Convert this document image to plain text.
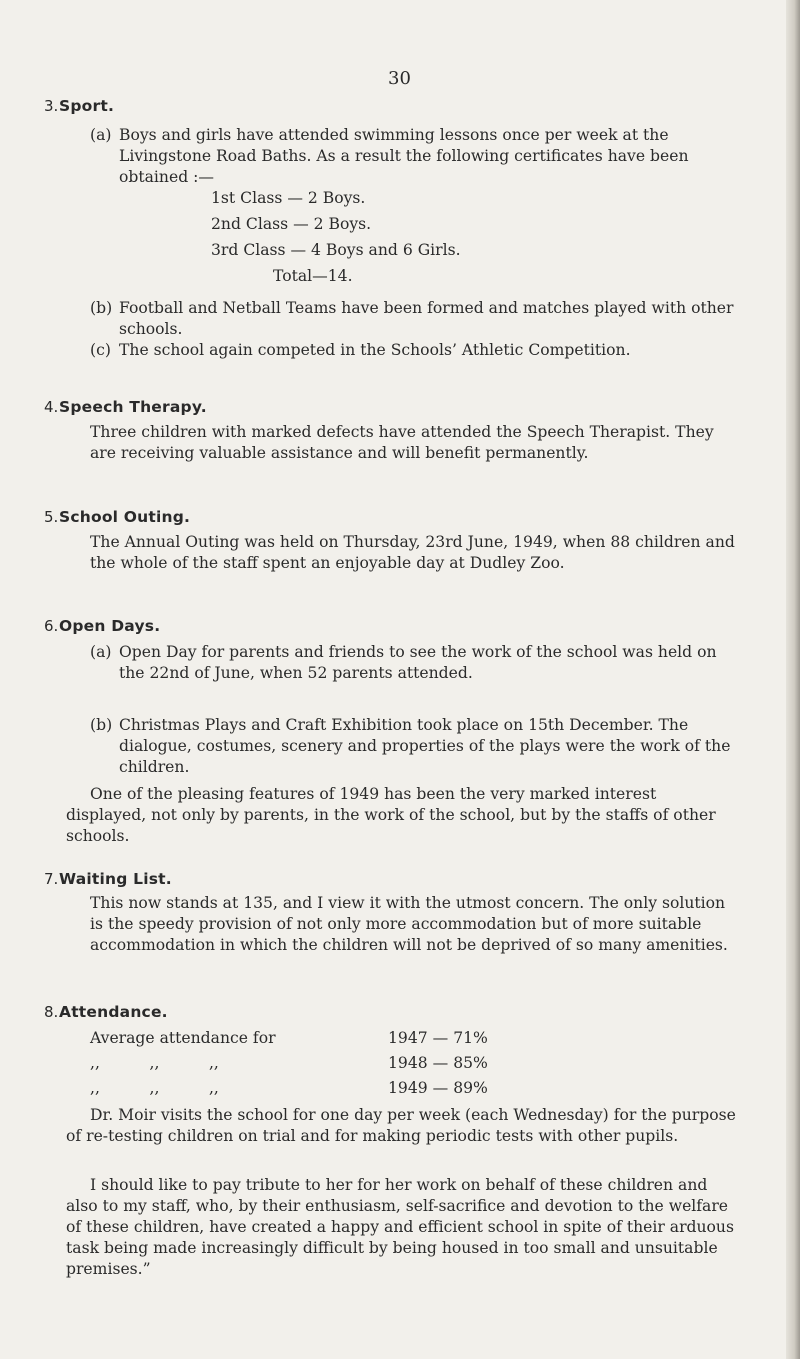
30
3. Sport.
(a) Boys and girls have attended swimming lessons once per week at the Livingstone Road Baths. As a result the following certificates have been obtained :—
1st Class — 2 Boys.
2nd Class — 2 Boys.
3rd Class — 4 Boys and 6 Girls.
Total—14.
(b) Football and Netball Teams have been formed and matches played with other schools.
(c) The school again competed in the Schools’ Athletic Competition.
4. Speech Therapy.
Three children with marked defects have attended the Speech Therapist. They are receiving valuable assistance and will benefit permanently.
5. School Outing.
The Annual Outing was held on Thursday, 23rd June, 1949, when 88 children and the whole of the staff spent an enjoyable day at Dudley Zoo.
6. Open Days.
(a) Open Day for parents and friends to see the work of the school was held on the 22nd of June, when 52 parents attended.
(b) Christmas Plays and Craft Exhibition took place on 15th December. The dialogue, costumes, scenery and properties of the plays were the work of the children.
One of the pleasing features of 1949 has been the very marked interest displayed, not only by parents, in the work of the school, but by the staffs of other schools.
7. Waiting List.
This now stands at 135, and I view it with the utmost concern. The only solution is the speedy provision of not only more accommodation but of more suitable accommodation in which the children will not be deprived of so many amenities.
8. Attendance.
Average attendance for	1947 — 71%
,,          ,,          ,,	1948 — 85%
,,          ,,          ,,	1949 — 89%
Dr. Moir visits the school for one day per week (each Wednesday) for the purpose of re-testing children on trial and for making periodic tests with other pupils.
I should like to pay tribute to her for her work on behalf of these children and also to my staff, who, by their enthusiasm, self-sacrifice and devotion to the welfare of these children, have created a happy and efficient school in spite of their arduous task being made increasingly difficult by being housed in too small and unsuitable premises.”
